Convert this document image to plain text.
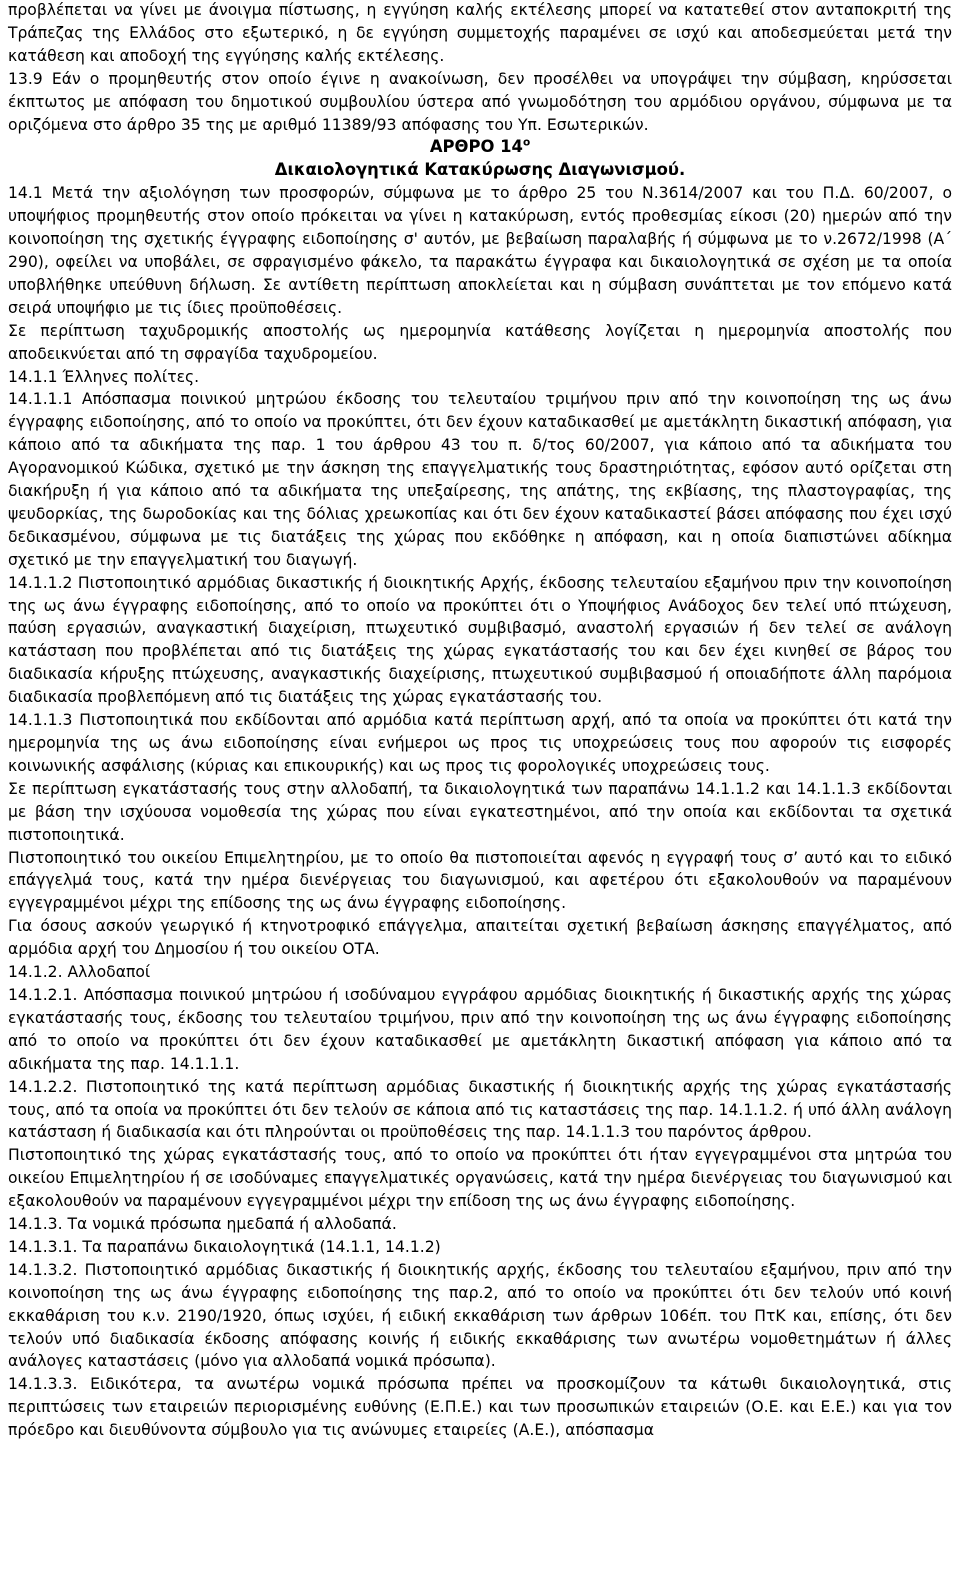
προβλέπεται να γίνει με άνοιγμα πίστωσης, η εγγύηση καλής εκτέλεσης μπορεί να κατατεθεί στον ανταποκριτή της Τράπεζας της Ελλάδος στο εξωτερικό, η δε εγγύηση συμμετοχής παραμένει σε ισχύ και αποδεσμεύεται μετά την κατάθεση και αποδοχή της εγγύησης καλής εκτέλεσης.

13.9 Εάν ο προμηθευτής στον οποίο έγινε η ανακοίνωση, δεν προσέλθει να υπογράψει την σύμβαση, κηρύσσεται έκπτωτος με απόφαση του δημοτικού συμβουλίου ύστερα από γνωμοδότηση του αρμόδιου οργάνου, σύμφωνα με τα οριζόμενα στο άρθρο 35 της με αριθμό 11389/93 απόφασης του Υπ. Εσωτερικών.

ΑΡΘΡΟ $14^o$
Δικαιολογητικά Κατακύρωσης Διαγωνισμού.

14.1 Μετά την αξιολόγηση των προσφορών, σύμφωνα με το άρθρο 25 του Ν.3614/2007 και του Π.Δ. 60/2007, ο υποψήφιος προμηθευτής στον οποίο πρόκειται να γίνει η κατακύρωση, εντός προθεσμίας είκοσι (20) ημερών από την κοινοποίηση της σχετικής έγγραφης ειδοποίησης σ' αυτόν, με βεβαίωση παραλαβής ή σύμφωνα με το ν.2672/1998 (Α΄ 290), οφείλει να υποβάλει, σε σφραγισμένο φάκελο, τα παρακάτω έγγραφα και δικαιολογητικά σε σχέση με τα οποία υποβλήθηκε υπεύθυνη δήλωση. Σε αντίθετη περίπτωση αποκλείεται και η σύμβαση συνάπτεται με τον επόμενο κατά σειρά υποψήφιο με τις ίδιες προϋποθέσεις.

Σε περίπτωση ταχυδρομικής αποστολής ως ημερομηνία κατάθεσης λογίζεται η ημερομηνία αποστολής που αποδεικνύεται από τη σφραγίδα ταχυδρομείου.

14.1.1 Έλληνες πολίτες.

14.1.1.1 Απόσπασμα ποινικού μητρώου έκδοσης του τελευταίου τριμήνου πριν από την κοινοποίηση της ως άνω έγγραφης ειδοποίησης, από το οποίο να προκύπτει, ότι δεν έχουν καταδικασθεί με αμετάκλητη δικαστική απόφαση, για κάποιο από τα αδικήματα της παρ. 1 του άρθρου 43 του π. δ/τος 60/2007, για κάποιο από τα αδικήματα του Αγορανομικού Κώδικα, σχετικό με την άσκηση της επαγγελματικής τους δραστηριότητας, εφόσον αυτό ορίζεται στη διακήρυξη ή για κάποιο από τα αδικήματα της υπεξαίρεσης, της απάτης, της εκβίασης, της πλαστογραφίας, της ψευδορκίας, της δωροδοκίας και της δόλιας χρεωκοπίας και ότι δεν έχουν καταδικαστεί βάσει απόφασης που έχει ισχύ δεδικασμένου, σύμφωνα με τις διατάξεις της χώρας που εκδόθηκε η απόφαση, και η οποία διαπιστώνει αδίκημα σχετικό με την επαγγελματική του διαγωγή.

14.1.1.2 Πιστοποιητικό αρμόδιας δικαστικής ή διοικητικής Αρχής, έκδοσης τελευταίου εξαμήνου πριν την κοινοποίηση της ως άνω έγγραφης ειδοποίησης, από το οποίο να προκύπτει ότι ο Υποψήφιος Ανάδοχος δεν τελεί υπό πτώχευση, παύση εργασιών, αναγκαστική διαχείριση, πτωχευτικό συμβιβασμό, αναστολή εργασιών ή δεν τελεί σε ανάλογη κατάσταση που προβλέπεται από τις διατάξεις της χώρας εγκατάστασής του και δεν έχει κινηθεί σε βάρος του διαδικασία κήρυξης πτώχευσης, αναγκαστικής διαχείρισης, πτωχευτικού συμβιβασμού ή οποιαδήποτε άλλη παρόμοια διαδικασία προβλεπόμενη από τις διατάξεις της χώρας εγκατάστασής του.

14.1.1.3 Πιστοποιητικά που εκδίδονται από αρμόδια κατά περίπτωση αρχή, από τα οποία να προκύπτει ότι κατά την ημερομηνία της ως άνω ειδοποίησης είναι ενήμεροι ως προς τις υποχρεώσεις τους που αφορούν τις εισφορές κοινωνικής ασφάλισης (κύριας και επικουρικής) και ως προς τις φορολογικές υποχρεώσεις τους.

Σε περίπτωση εγκατάστασής τους στην αλλοδαπή, τα δικαιολογητικά των παραπάνω 14.1.1.2 και 14.1.1.3 εκδίδονται με βάση την ισχύουσα νομοθεσία της χώρας που είναι εγκατεστημένοι, από την οποία και εκδίδονται τα σχετικά πιστοποιητικά.

Πιστοποιητικό του οικείου Επιμελητηρίου, με το οποίο θα πιστοποιείται αφενός η εγγραφή τους σ’ αυτό και το ειδικό επάγγελμά τους, κατά την ημέρα διενέργειας του διαγωνισμού, και αφετέρου ότι εξακολουθούν να παραμένουν εγγεγραμμένοι μέχρι της επίδοσης της ως άνω έγγραφης ειδοποίησης.

Για όσους ασκούν γεωργικό ή κτηνοτροφικό επάγγελμα, απαιτείται σχετική βεβαίωση άσκησης επαγγέλματος, από αρμόδια αρχή του Δημοσίου ή του οικείου ΟΤΑ.

14.1.2. Αλλοδαποί

14.1.2.1. Απόσπασμα ποινικού μητρώου ή ισοδύναμου εγγράφου αρμόδιας διοικητικής ή δικαστικής αρχής της χώρας εγκατάστασής τους, έκδοσης του τελευταίου τριμήνου, πριν από την κοινοποίηση της ως άνω έγγραφης ειδοποίησης από το οποίο να προκύπτει ότι δεν έχουν καταδικασθεί με αμετάκλητη δικαστική απόφαση για κάποιο από τα αδικήματα της παρ. 14.1.1.1.

14.1.2.2. Πιστοποιητικό της κατά περίπτωση αρμόδιας δικαστικής ή διοικητικής αρχής της χώρας εγκατάστασής τους, από τα οποία να προκύπτει ότι δεν τελούν σε κάποια από τις καταστάσεις της παρ. 14.1.1.2. ή υπό άλλη ανάλογη κατάσταση ή διαδικασία και ότι πληρούνται οι προϋποθέσεις της παρ. 14.1.1.3 του παρόντος άρθρου.

Πιστοποιητικό της χώρας εγκατάστασής τους, από το οποίο να προκύπτει ότι ήταν εγγεγραμμένοι στα μητρώα του οικείου Επιμελητηρίου ή σε ισοδύναμες επαγγελματικές οργανώσεις, κατά την ημέρα διενέργειας του διαγωνισμού και εξακολουθούν να παραμένουν εγγεγραμμένοι μέχρι την επίδοση της ως άνω έγγραφης ειδοποίησης.

14.1.3. Τα νομικά πρόσωπα ημεδαπά ή αλλοδαπά.

14.1.3.1. Τα παραπάνω δικαιολογητικά (14.1.1, 14.1.2)

14.1.3.2. Πιστοποιητικό αρμόδιας δικαστικής ή διοικητικής αρχής, έκδοσης του τελευταίου εξαμήνου, πριν από την κοινοποίηση της ως άνω έγγραφης ειδοποίησης της παρ.2, από το οποίο να προκύπτει ότι δεν τελούν υπό κοινή εκκαθάριση του κ.ν. 2190/1920, όπως ισχύει, ή ειδική εκκαθάριση των άρθρων 106έπ. του ΠτΚ και, επίσης, ότι δεν τελούν υπό διαδικασία έκδοσης απόφασης κοινής ή ειδικής εκκαθάρισης των ανωτέρω νομοθετημάτων ή άλλες ανάλογες καταστάσεις (μόνο για αλλοδαπά νομικά πρόσωπα).

14.1.3.3. Ειδικότερα, τα ανωτέρω νομικά πρόσωπα πρέπει να προσκομίζουν τα κάτωθι δικαιολογητικά, στις περιπτώσεις των εταιρειών περιορισμένης ευθύνης (Ε.Π.Ε.) και των προσωπικών εταιρειών (Ο.Ε. και Ε.Ε.) και για τον πρόεδρο και διευθύνοντα σύμβουλο για τις ανώνυμες εταιρείες (Α.Ε.), απόσπασμα
